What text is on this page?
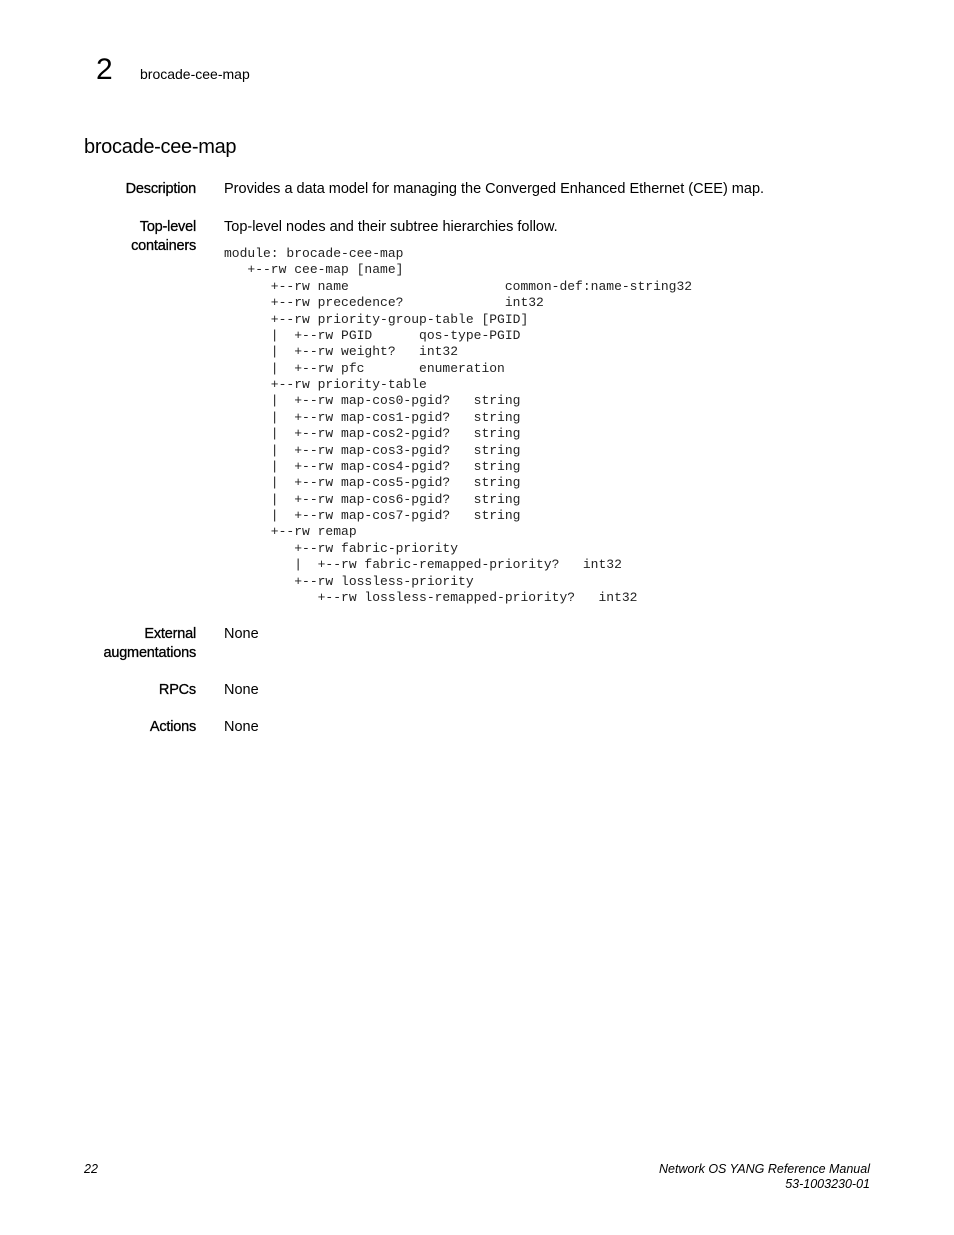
2 brocade-cee-map
brocade-cee-map
Description Provides a data model for managing the Converged Enhanced Ethernet (CEE) map.
Top-level
containers
Top-level nodes and their subtree hierarchies follow.
module: brocade-cee-map
+--rw cee-map [name]
+--rw name                    common-def:name-string32
+--rw precedence?             int32
+--rw priority-group-table [PGID]
|  +--rw PGID      qos-type-PGID
|  +--rw weight?   int32
|  +--rw pfc       enumeration
+--rw priority-table
|  +--rw map-cos0-pgid?   string
|  +--rw map-cos1-pgid?   string
|  +--rw map-cos2-pgid?   string
|  +--rw map-cos3-pgid?   string
|  +--rw map-cos4-pgid?   string
|  +--rw map-cos5-pgid?   string
|  +--rw map-cos6-pgid?   string
|  +--rw map-cos7-pgid?   string
+--rw remap
+--rw fabric-priority
|  +--rw fabric-remapped-priority?   int32
+--rw lossless-priority
+--rw lossless-remapped-priority?   int32
External
augmentations
None
RPCs None
Actions None
22	Network OS YANG Reference Manual
53-1003230-01
